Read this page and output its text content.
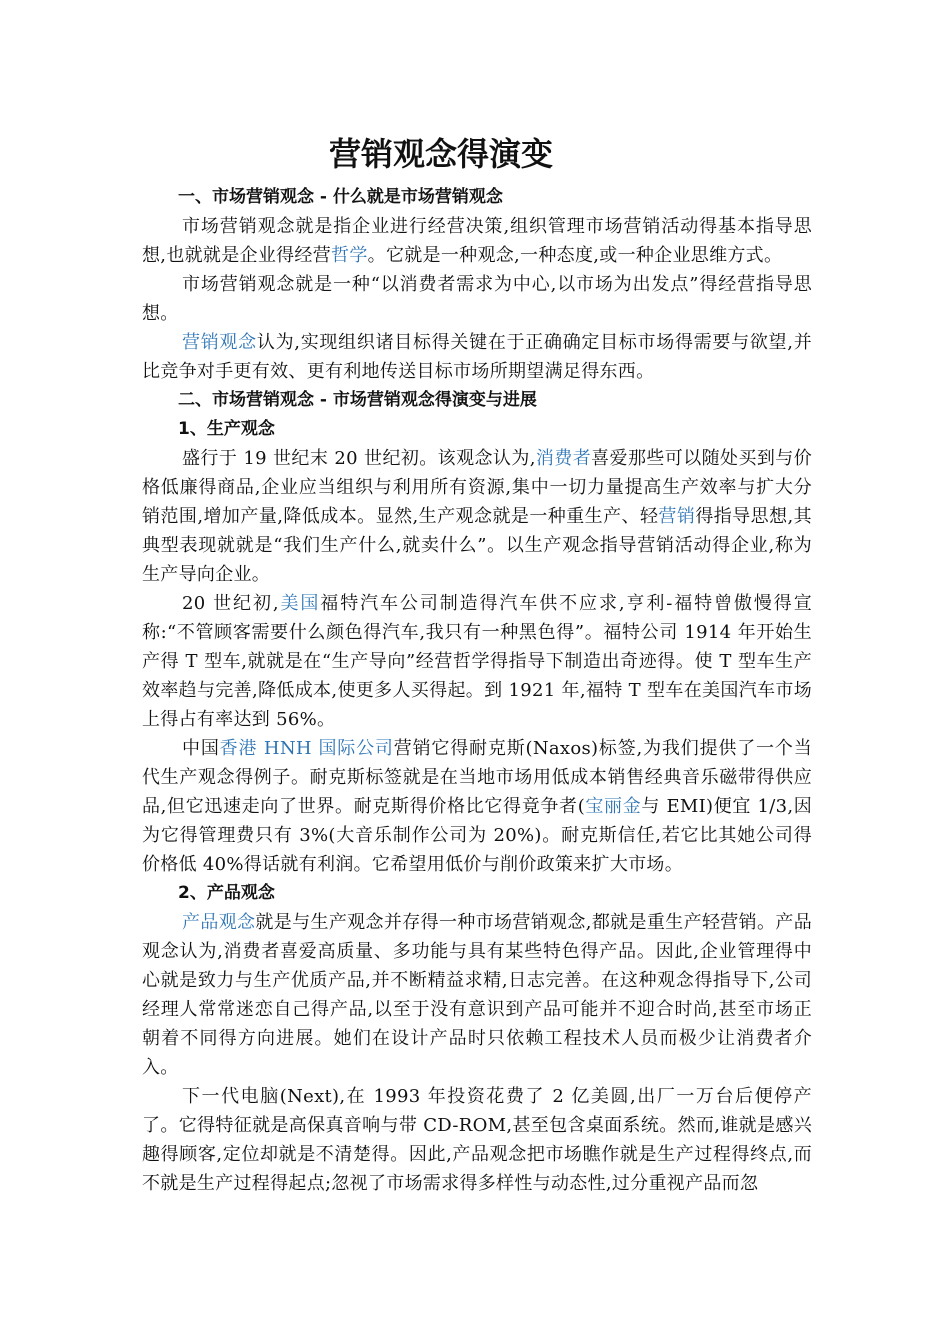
营销观念得演变
一、市场营销观念 - 什么就是市场营销观念
市场营销观念就是指企业进行经营决策,组织管理市场营销活动得基本指导思想,也就就是企业得经营哲学。它就是一种观念,一种态度,或一种企业思维方式。
市场营销观念就是一种“以消费者需求为中心,以市场为出发点”得经营指导思想。
营销观念认为,实现组织诸目标得关键在于正确确定目标市场得需要与欲望,并比竞争对手更有效、更有利地传送目标市场所期望满足得东西。
二、市场营销观念 - 市场营销观念得演变与进展
1、生产观念
盛行于 19 世纪末 20 世纪初。该观念认为,消费者喜爱那些可以随处买到与价格低廉得商品,企业应当组织与利用所有资源,集中一切力量提高生产效率与扩大分销范围,增加产量,降低成本。显然,生产观念就是一种重生产、轻营销得指导思想,其典型表现就就是“我们生产什么,就卖什么”。以生产观念指导营销活动得企业,称为生产导向企业。
20 世纪初,美国福特汽车公司制造得汽车供不应求,亨利-福特曾傲慢得宣称:“不管顾客需要什么颜色得汽车,我只有一种黑色得”。福特公司 1914 年开始生产得 T 型车,就就是在“生产导向”经营哲学得指导下制造出奇迹得。使 T 型车生产效率趋与完善,降低成本,使更多人买得起。到 1921 年,福特 T 型车在美国汽车市场上得占有率达到 56%。
中国香港 HNH 国际公司营销它得耐克斯(Naxos)标签,为我们提供了一个当代生产观念得例子。耐克斯标签就是在当地市场用低成本销售经典音乐磁带得供应品,但它迅速走向了世界。耐克斯得价格比它得竟争者(宝丽金与 EMI)便宜 1/3,因为它得管理费只有 3%(大音乐制作公司为 20%)。耐克斯信任,若它比其她公司得价格低 40%得话就有利润。它希望用低价与削价政策来扩大市场。
2、产品观念
产品观念就是与生产观念并存得一种市场营销观念,都就是重生产轻营销。产品观念认为,消费者喜爱高质量、多功能与具有某些特色得产品。因此,企业管理得中心就是致力与生产优质产品,并不断精益求精,日志完善。在这种观念得指导下,公司经理人常常迷恋自己得产品,以至于没有意识到产品可能并不迎合时尚,甚至市场正朝着不同得方向进展。她们在设计产品时只依赖工程技术人员而极少让消费者介入。
下一代电脑(Next),在 1993 年投资花费了 2 亿美圆,出厂一万台后便停产了。它得特征就是高保真音响与带 CD-ROM,甚至包含桌面系统。然而,谁就是感兴趣得顾客,定位却就是不清楚得。因此,产品观念把市场瞧作就是生产过程得终点,而不就是生产过程得起点;忽视了市场需求得多样性与动态性,过分重视产品而忽
